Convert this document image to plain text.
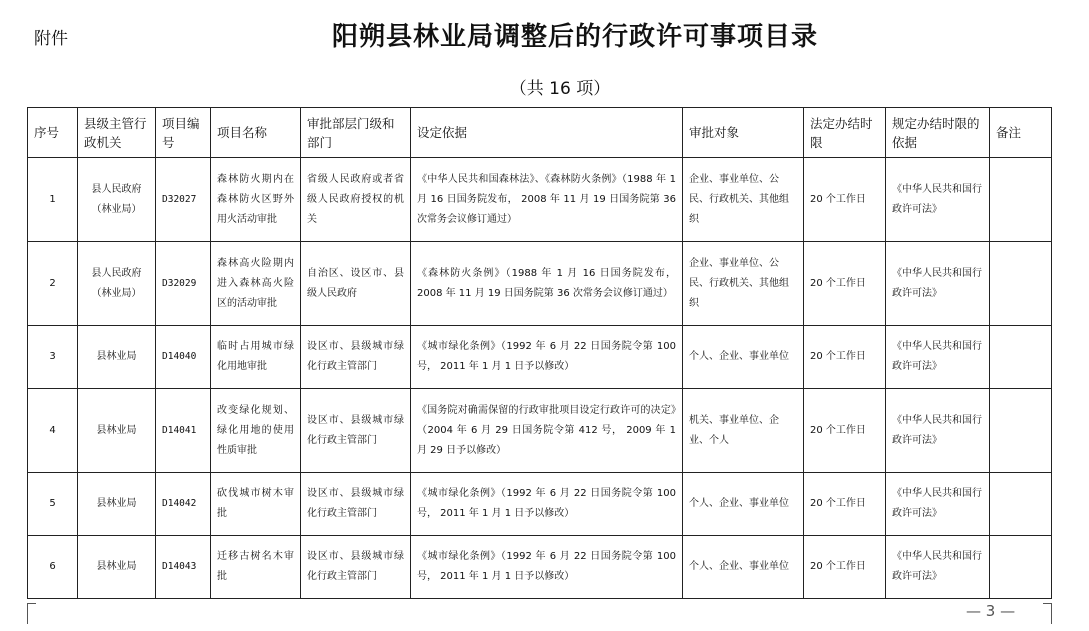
附件	阳朔县林业局调整后的行政许可事项目录
（共 16 项）
序号	县级主管行政机关	项目编号	项目名称	审批部层门级和部门	设定依据	审批对象	法定办结时限	规定办结时限的依据	备注
1	县人民政府（林业局）	D32027	森林防火期内在森林防火区野外用火活动审批	省级人民政府或者省级人民政府授权的机关	《中华人民共和国森林法》、《森林防火条例》（1988 年 1 月 16 日国务院发布， 2008 年 11 月 19 日国务院第 36 次常务会议修订通过）	企业、事业单位、公民、行政机关、其他组织	20 个工作日	《中华人民共和国行政许可法》	
2	县人民政府（林业局）	D32029	森林高火险期内进入森林高火险区的活动审批	自治区、设区市、县级人民政府	《森林防火条例》（1988 年 1 月 16 日国务院发布，2008 年 11 月 19 日国务院第 36 次常务会议修订通过）	企业、事业单位、公民、行政机关、其他组织	20 个工作日	《中华人民共和国行政许可法》	
3	县林业局	D14040	临时占用城市绿化用地审批	设区市、县级城市绿化行政主管部门	《城市绿化条例》（1992 年 6 月 22 日国务院令第 100 号， 2011 年 1 月 1 日予以修改）	个人、企业、事业单位	20 个工作日	《中华人民共和国行政许可法》	
4	县林业局	D14041	改变绿化规划、绿化用地的使用性质审批	设区市、县级城市绿化行政主管部门	《国务院对确需保留的行政审批项目设定行政许可的决定》（2004 年 6 月 29 日国务院令第 412 号， 2009 年 1 月 29 日予以修改）	机关、事业单位、企业、个人	20 个工作日	《中华人民共和国行政许可法》	
5	县林业局	D14042	砍伐城市树木审批	设区市、县级城市绿化行政主管部门	《城市绿化条例》（1992 年 6 月 22 日国务院令第 100 号， 2011 年 1 月 1 日予以修改）	个人、企业、事业单位	20 个工作日	《中华人民共和国行政许可法》	
6	县林业局	D14043	迁移古树名木审批	设区市、县级城市绿化行政主管部门	《城市绿化条例》（1992 年 6 月 22 日国务院令第 100 号， 2011 年 1 月 1 日予以修改）	个人、企业、事业单位	20 个工作日	《中华人民共和国行政许可法》	
— 3 —
